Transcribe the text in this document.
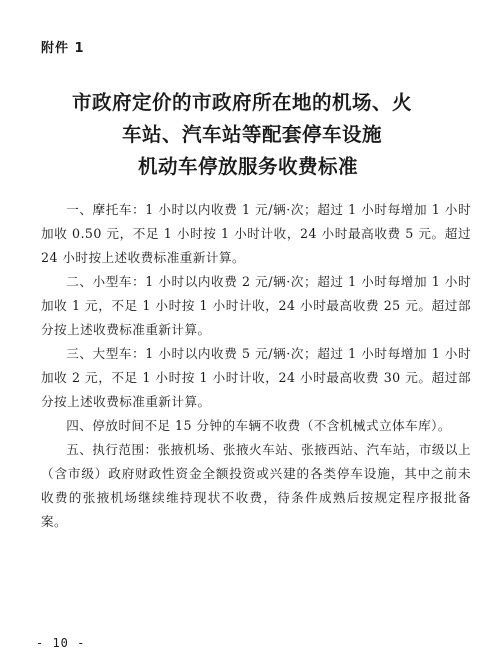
附件 1
市政府定价的市政府所在地的机场、火
车站、汽车站等配套停车设施
机动车停放服务收费标准

一、摩托车：1 小时以内收费 1 元/辆·次；超过 1 小时每增加 1 小时加收 0.50 元，不足 1 小时按 1 小时计收，24 小时最高收费 5 元。超过 24 小时按上述收费标准重新计算。

二、小型车：1 小时以内收费 2 元/辆·次；超过 1 小时每增加 1 小时加收 1 元，不足 1 小时按 1 小时计收，24 小时最高收费 25 元。超过部分按上述收费标准重新计算。

三、大型车：1 小时以内收费 5 元/辆·次；超过 1 小时每增加 1 小时加收 2 元，不足 1 小时按 1 小时计收，24 小时最高收费 30 元。超过部分按上述收费标准重新计算。

四、停放时间不足 15 分钟的车辆不收费（不含机械式立体车库）。

五、执行范围：张掖机场、张掖火车站、张掖西站、汽车站，市级以上（含市级）政府财政性资金全额投资或兴建的各类停车设施，其中之前未收费的张掖机场继续维持现状不收费，待条件成熟后按规定程序报批备案。

- 10 -
